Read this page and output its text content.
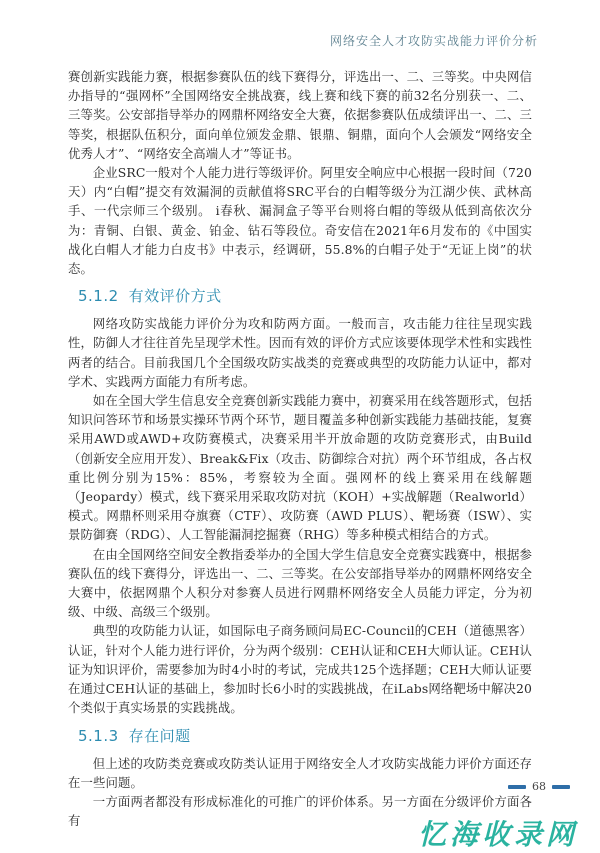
网络安全人才攻防实战能力评价分析

赛创新实践能力赛，根据参赛队伍的线下赛得分，评选出一、二、三等奖。中央网信办指导的“强网杯”全国网络安全挑战赛，线上赛和线下赛的前32名分别获一、二、三等奖。公安部指导举办的网鼎杯网络安全大赛，依据参赛队伍成绩评出一、二、三等奖，根据队伍积分，面向单位颁发金鼎、银鼎、铜鼎，面向个人会颁发“网络安全优秀人才”、“网络安全高端人才”等证书。

企业SRC一般对个人能力进行等级评价。阿里安全响应中心根据一段时间（720天）内“白帽”提交有效漏洞的贡献值将SRC平台的白帽等级分为江湖少侠、武林高手、一代宗师三个级别。 i春秋、漏洞盒子等平台则将白帽的等级从低到高依次分为：青铜、白银、黄金、铂金、钻石等段位。奇安信在2021年6月发布的《中国实战化白帽人才能力白皮书》中表示，经调研，55.8%的白帽子处于“无证上岗”的状态。

5.1.2 有效评价方式

网络攻防实战能力评价分为攻和防两方面。一般而言，攻击能力往往呈现实践性，防御人才往往首先呈现学术性。因而有效的评价方式应该要体现学术性和实践性两者的结合。目前我国几个全国级攻防实战类的竞赛或典型的攻防能力认证中，都对学术、实践两方面能力有所考虑。

如在全国大学生信息安全竞赛创新实践能力赛中，初赛采用在线答题形式，包括知识问答环节和场景实操环节两个环节，题目覆盖多种创新实践能力基础技能，复赛采用AWD或AWD+攻防赛模式，决赛采用半开放命题的攻防竞赛形式，由Build（创新安全应用开发）、Break&Fix（攻击、防御综合对抗）两个环节组成，各占权重比例分别为15%：85%，考察较为全面。强网杯的线上赛采用在线解题（Jeopardy）模式，线下赛采用采取攻防对抗（KOH）+实战解题（Realworld）模式。网鼎杯则采用夺旗赛（CTF）、攻防赛（AWD PLUS）、靶场赛（ISW）、实景防御赛（RDG）、人工智能漏洞挖掘赛（RHG）等多种模式相结合的方式。

在由全国网络空间安全教指委举办的全国大学生信息安全竞赛实践赛中，根据参赛队伍的线下赛得分，评选出一、二、三等奖。在公安部指导举办的网鼎杯网络安全大赛中，依据网鼎个人积分对参赛人员进行网鼎杯网络安全人员能力评定，分为初级、中级、高级三个级别。

典型的攻防能力认证，如国际电子商务顾问局EC-Council的CEH（道德黑客）认证，针对个人能力进行评价，分为两个级别：CEH认证和CEH大师认证。CEH认证为知识评价，需要参加为时4小时的考试，完成共125个选择题；CEH大师认证要在通过CEH认证的基础上，参加时长6小时的实践挑战，在iLabs网络靶场中解决20个类似于真实场景的实践挑战。

5.1.3 存在问题

但上述的攻防类竞赛或攻防类认证用于网络安全人才攻防实战能力评价方面还存在一些问题。

一方面两者都没有形成标准化的可推广的评价体系。另一方面在分级评价方面各有

68
忆海收录网
